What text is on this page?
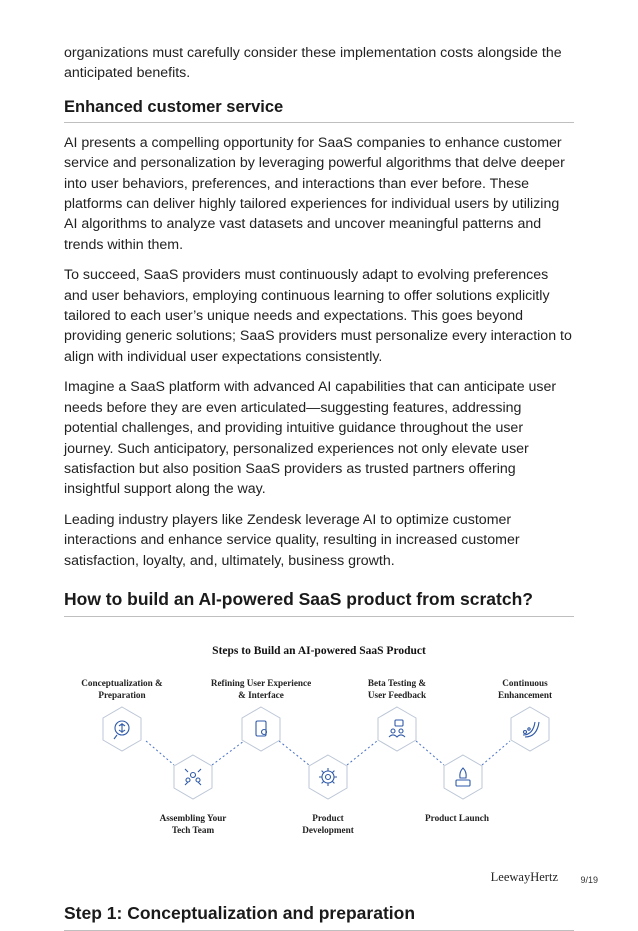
organizations must carefully consider these implementation costs alongside the anticipated benefits.

Enhanced customer service

AI presents a compelling opportunity for SaaS companies to enhance customer service and personalization by leveraging powerful algorithms that delve deeper into user behaviors, preferences, and interactions than ever before. These platforms can deliver highly tailored experiences for individual users by utilizing AI algorithms to analyze vast datasets and uncover meaningful patterns and trends within them.

To succeed, SaaS providers must continuously adapt to evolving preferences and user behaviors, employing continuous learning to offer solutions explicitly tailored to each user’s unique needs and expectations. This goes beyond providing generic solutions; SaaS providers must personalize every interaction to align with individual user expectations consistently.

Imagine a SaaS platform with advanced AI capabilities that can anticipate user needs before they are even articulated—suggesting features, addressing potential challenges, and providing intuitive guidance throughout the user journey. Such anticipatory, personalized experiences not only elevate user satisfaction but also position SaaS providers as trusted partners offering insightful support along the way.

Leading industry players like Zendesk leverage AI to optimize customer interactions and enhance service quality, resulting in increased customer satisfaction, loyalty, and, ultimately, business growth.

How to build an AI-powered SaaS product from scratch?
Steps to Build an AI-powered SaaS Product
Conceptualization &
Preparation
Refining User Experience
& Interface
Beta Testing &
User Feedback
Continuous
Enhancement
Assembling Your
Tech Team
Product
Development
Product Launch
LeewayHertz
Step 1: Conceptualization and preparation
9/19
